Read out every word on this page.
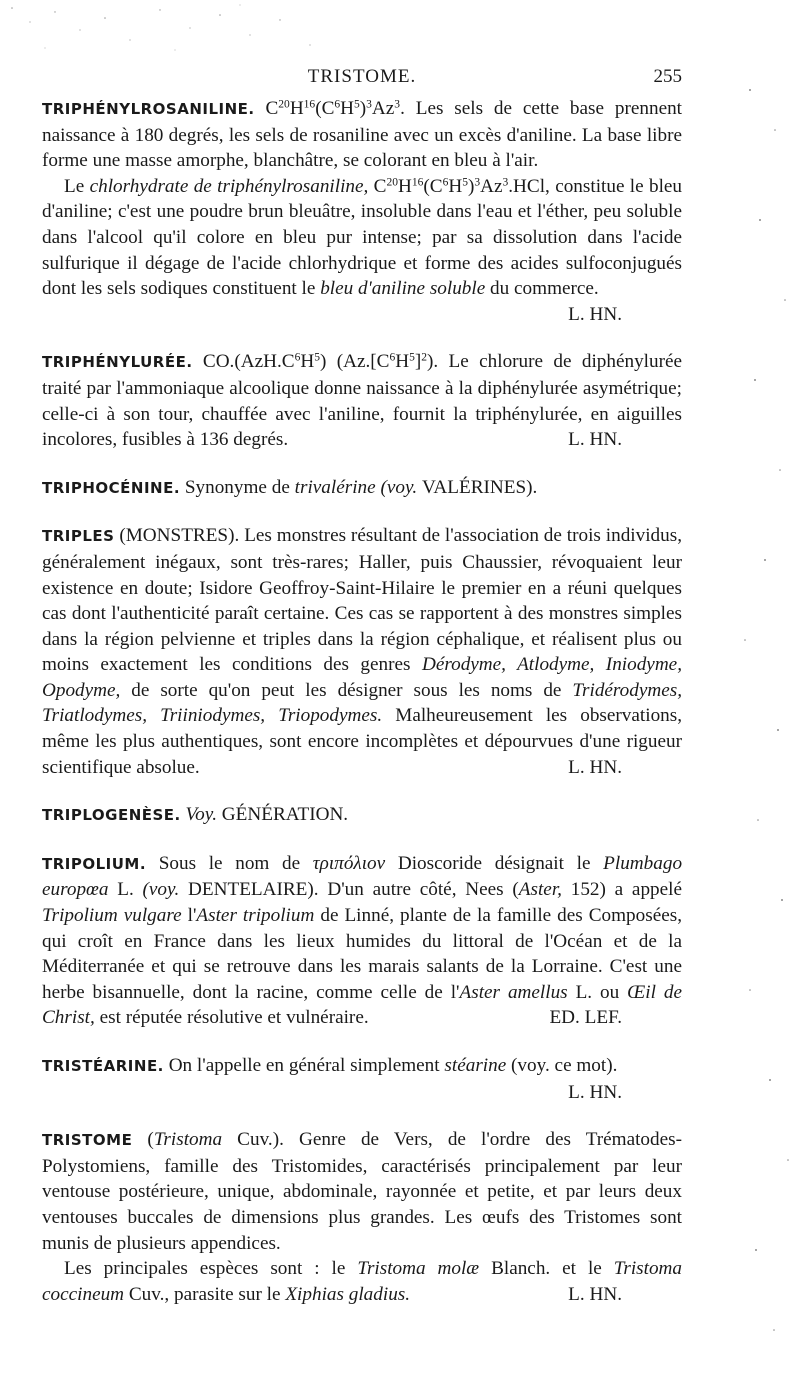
TRISTOME.	255

TRIPHÉNYLROSANILINE. $C^{20}H^{16}(C^6H^5)^3Az^3$. Les sels de cette base prennent naissance à 180 degrés, les sels de rosaniline avec un excès d'aniline. La base libre forme une masse amorphe, blanchâtre, se colorant en bleu à l'air.

Le chlorhydrate de triphénylrosaniline, $C^{20}H^{16}(C^6H^5)^3Az^3.HCl$, constitue le bleu d'aniline; c'est une poudre brun bleuâtre, insoluble dans l'eau et l'éther, peu soluble dans l'alcool qu'il colore en bleu pur intense; par sa dissolution dans l'acide sulfurique il dégage de l'acide chlorhydrique et forme des acides sulfoconjugués dont les sels sodiques constituent le bleu d'aniline soluble du commerce.
L. HN.

TRIPHÉNYLURÉE. $CO.(AzH.C^6H^5)$ $(Az.[C^6H^5]^2)$. Le chlorure de diphénylurée traité par l'ammoniaque alcoolique donne naissance à la diphénylurée asymétrique; celle-ci à son tour, chauffée avec l'aniline, fournit la triphénylurée, en aiguilles incolores, fusibles à 136 degrés.	L. HN.

TRIPHOCÉNINE. Synonyme de trivalérine (voy. VALÉRINES).

TRIPLES (MONSTRES). Les monstres résultant de l'association de trois individus, généralement inégaux, sont très-rares; Haller, puis Chaussier, révoquaient leur existence en doute; Isidore Geoffroy-Saint-Hilaire le premier en a réuni quelques cas dont l'authenticité paraît certaine. Ces cas se rapportent à des monstres simples dans la région pelvienne et triples dans la région céphalique, et réalisent plus ou moins exactement les conditions des genres Dérodyme, Atlodyme, Iniodyme, Opodyme, de sorte qu'on peut les désigner sous les noms de Tridérodymes, Triatlodymes, Triiniodymes, Triopodymes. Malheureusement les observations, même les plus authentiques, sont encore incomplètes et dépourvues d'une rigueur scientifique absolue.	L. HN.

TRIPLOGENÈSE. Voy. GÉNÉRATION.

TRIPOLIUM. Sous le nom de τριπόλιον Dioscoride désignait le Plumbago europœa L. (voy. DENTELAIRE). D'un autre côté, Nees (Aster, 152) a appelé Tripolium vulgare l'Aster tripolium de Linné, plante de la famille des Composées, qui croît en France dans les lieux humides du littoral de l'Océan et de la Méditerranée et qui se retrouve dans les marais salants de la Lorraine. C'est une herbe bisannuelle, dont la racine, comme celle de l'Aster amellus L. ou Œil de Christ, est réputée résolutive et vulnéraire.	ED. LEF.

TRISTÉARINE. On l'appelle en général simplement stéarine (voy. ce mot).
L. HN.

TRISTOME (Tristoma Cuv.). Genre de Vers, de l'ordre des Trématodes-Polystomiens, famille des Tristomides, caractérisés principalement par leur ventouse postérieure, unique, abdominale, rayonnée et petite, et par leurs deux ventouses buccales de dimensions plus grandes. Les œufs des Tristomes sont munis de plusieurs appendices.

Les principales espèces sont : le Tristoma molæ Blanch. et le Tristoma coccineum Cuv., parasite sur le Xiphias gladius.	L. HN.
